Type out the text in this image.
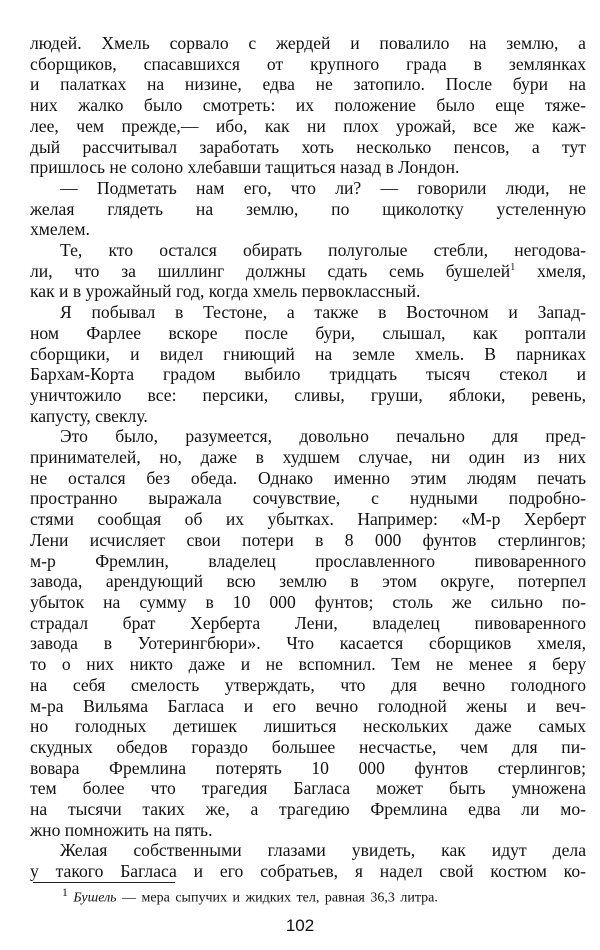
людей. Хмель сорвало с жердей и повалило на землю, а
сборщиков, спасавшихся от крупного града в землянках
и палатках на низине, едва не затопило. После бури на
них жалко было смотреть: их положение было еще тяже-
лее, чем прежде,— ибо, как ни плох урожай, все же каж-
дый рассчитывал заработать хоть несколько пенсов, а тут
пришлось не солоно хлебавши тащиться назад в Лондон.
— Подметать нам его, что ли? — говорили люди, не
желая глядеть на землю, по щиколотку устеленную
хмелем.
Те, кто остался обирать полуголые стебли, негодова-
ли, что за шиллинг должны сдать семь бушелей$^1$ хмеля,
как и в урожайный год, когда хмель первоклассный.
Я побывал в Тестоне, а также в Восточном и Запад-
ном Фарлее вскоре после бури, слышал, как роптали
сборщики, и видел гниющий на земле хмель. В парниках
Бархам-Корта градом выбило тридцать тысяч стекол и
уничтожило все: персики, сливы, груши, яблоки, ревень,
капусту, свеклу.
Это было, разумеется, довольно печально для пред-
принимателей, но, даже в худшем случае, ни один из них
не остался без обеда. Однако именно этим людям печать
пространно выражала сочувствие, с нудными подробно-
стями сообщая об их убытках. Например: «М-р Херберт
Лени исчисляет свои потери в 8 000 фунтов стерлингов;
м-р Фремлин, владелец прославленного пивоваренного
завода, арендующий всю землю в этом округе, потерпел
убыток на сумму в 10 000 фунтов; столь же сильно по-
страдал брат Херберта Лени, владелец пивоваренного
завода в Уотерингбюри». Что касается сборщиков хмеля,
то о них никто даже и не вспомнил. Тем не менее я беру
на себя смелость утверждать, что для вечно голодного
м-ра Вильяма Багласа и его вечно голодной жены и веч-
но голодных детишек лишиться нескольких даже самых
скудных обедов гораздо большее несчастье, чем для пи-
вовара Фремлина потерять 10 000 фунтов стерлингов;
тем более что трагедия Багласа может быть умножена
на тысячи таких же, а трагедию Фремлина едва ли мо-
жно помножить на пять.
Желая собственными глазами увидеть, как идут дела
у такого Багласа и его собратьев, я надел свой костюм ко-
$^1$ Бушель — мера сыпучих и жидких тел, равная 36,3 литра.
102
